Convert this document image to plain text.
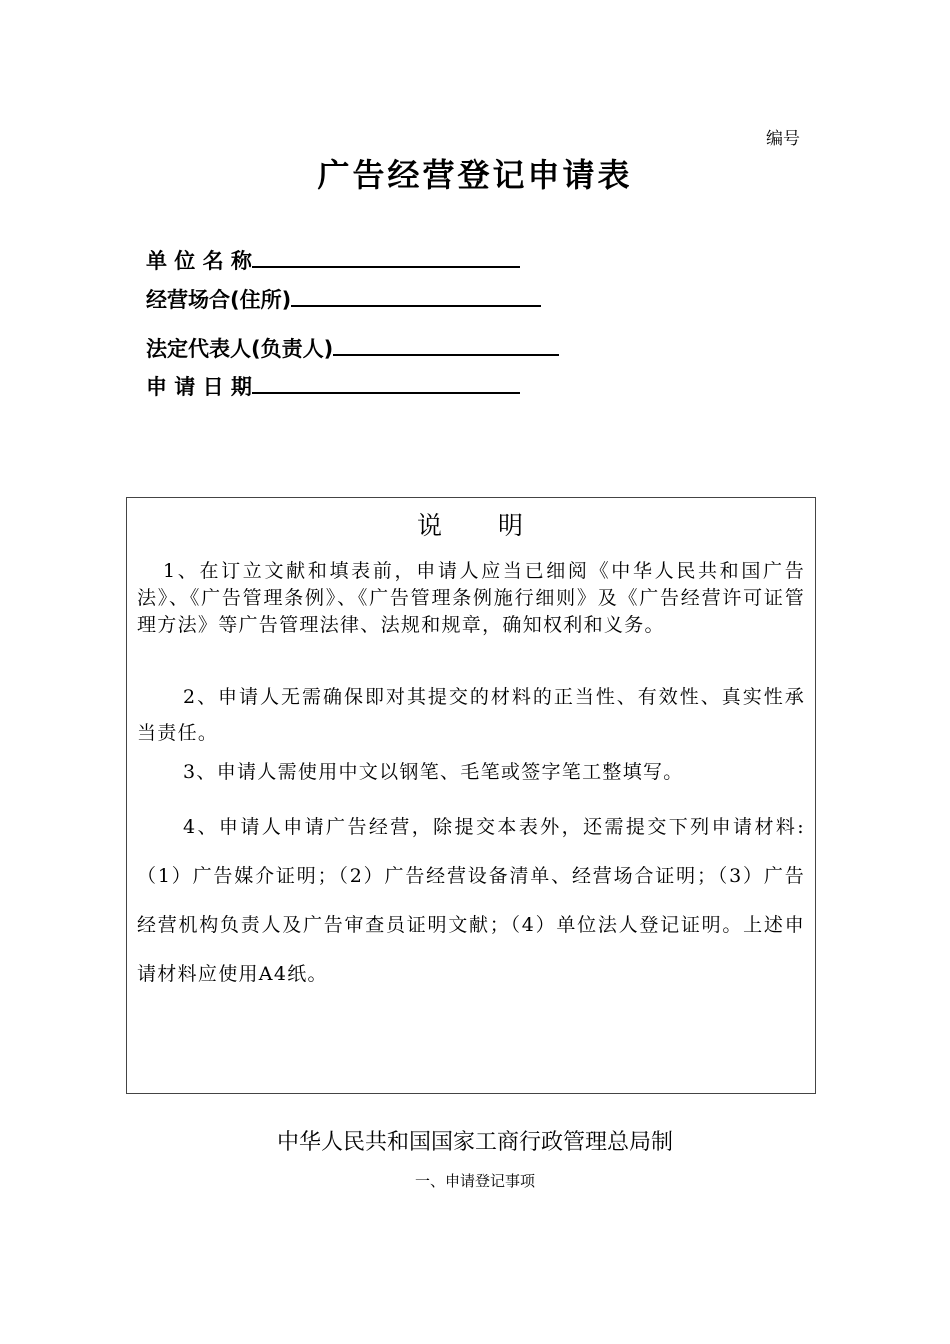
编号
广告经营登记申请表
单 位 名 称
经营场合(住所)
法定代表人(负责人)
申 请 日 期
说　　明
1、在订立文献和填表前，申请人应当已细阅《中华人民共和国广告法》、《广告管理条例》、《广告管理条例施行细则》及《广告经营许可证管理方法》等广告管理法律、法规和规章，确知权利和义务。
2、申请人无需确保即对其提交的材料的正当性、有效性、真实性承当责任。
3、申请人需使用中文以钢笔、毛笔或签字笔工整填写。
4、申请人申请广告经营，除提交本表外，还需提交下列申请材料: （1）广告媒介证明；（2）广告经营设备清单、经营场合证明；（3）广告经营机构负责人及广告审查员证明文献；（4）单位法人登记证明。上述申请材料应使用A4纸。
中华人民共和国国家工商行政管理总局制
一、申请登记事项
